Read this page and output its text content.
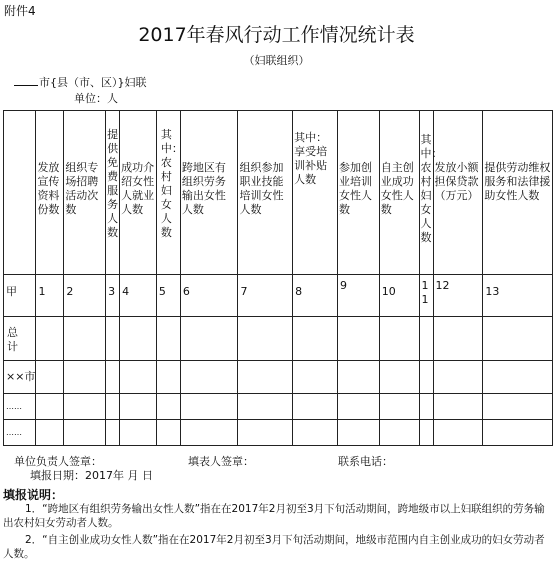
附件4
2017年春风行动工作情况统计表
（妇联组织）
市{县（市、区）}妇联
单位：人

	发放宣传资料份数	组织专场招聘活动次数	提供免费服务人数	成功介绍女性人就业人数	其中：农村妇女人数	跨地区有组织劳务输出女性人数	组织参加职业技能培训女性人数	其中：享受培训补贴人数	参加创业培训女性人数	自主创业成功女性人数	其中：农村妇女人数	发放小额担保贷款（万元）	提供劳动维权服务和法律援助女性人数

甲	1	2	3	4	5	6	7	8	9	10	11	12	13

总计													

××市													
……													
……													
单位负责人签章：	填表人签章：	联系电话：
填报日期：2017年 月 日
填报说明：
1．“跨地区有组织劳务输出女性人数”指在在2017年2月初至3月下旬活动期间，跨地级市以上妇联组织的劳务输出农村妇女劳动者人数。
2．“自主创业成功女性人数”指在在2017年2月初至3月下旬活动期间，地级市范围内自主创业成功的妇女劳动者人数。
